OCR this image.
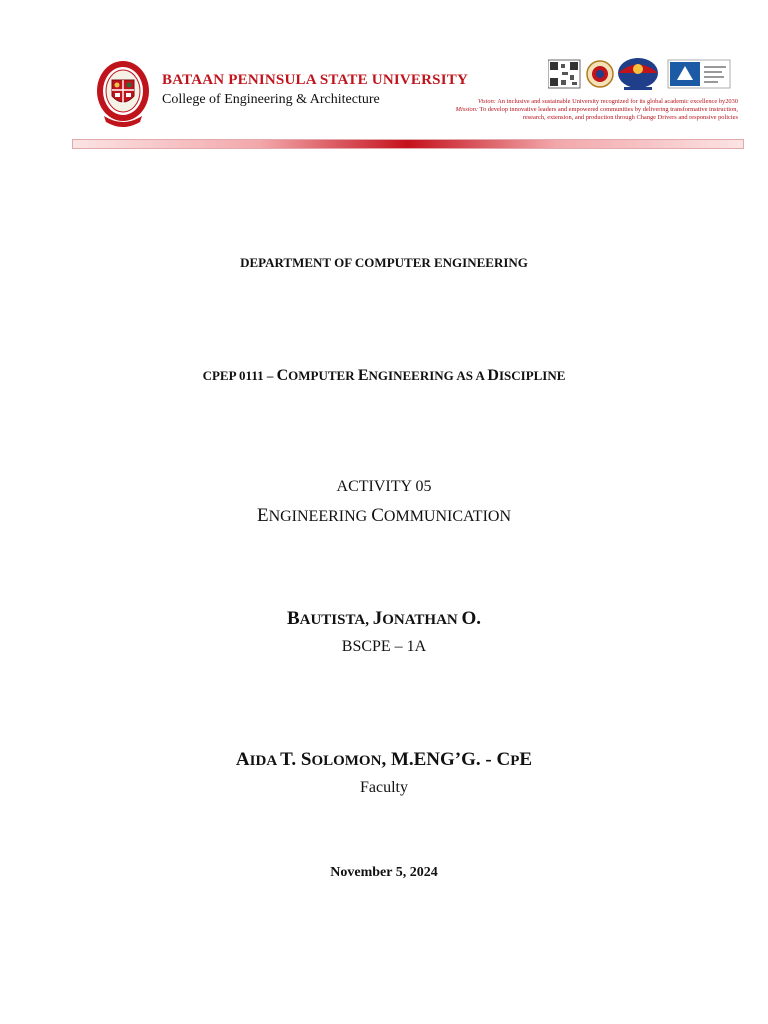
BATAAN PENINSULA STATE UNIVERSITY
College of Engineering & Architecture	Vision: An inclusive and sustainable University recognized for its global academic excellence by2030
Mission: To develop innovative leaders and empowered communities by delivering transformative instruction, research, extension, and production through Change Drivers and responsive policies

DEPARTMENT OF COMPUTER ENGINEERING

CPEP 0111 – COMPUTER ENGINEERING AS A DISCIPLINE

ACTIVITY 05

ENGINEERING COMMUNICATION

BAUTISTA, JONATHAN O.

BSCPE – 1A

AIDA T. SOLOMON, M.ENG’G. - CPE

Faculty

November 5, 2024
